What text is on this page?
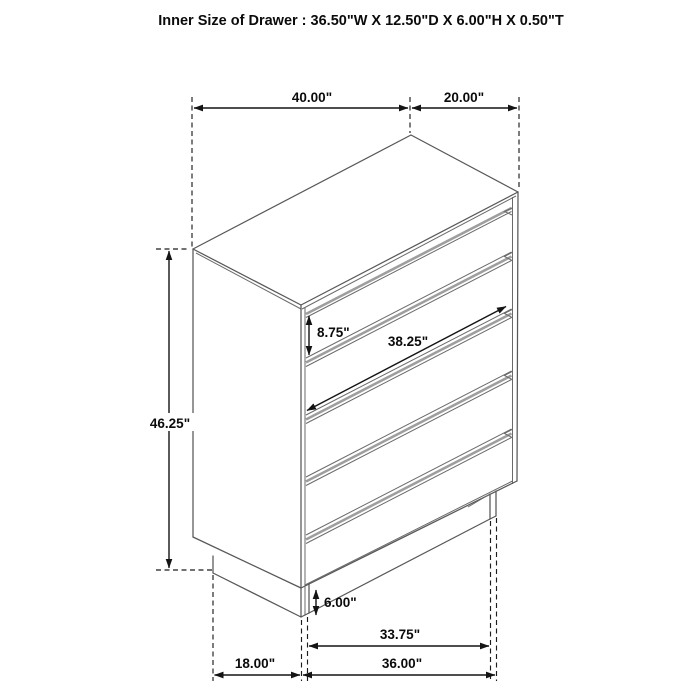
Inner Size of Drawer : 36.50"W X 12.50"D X 6.00"H X 0.50"T
40.00"	20.00"
46.25"
8.75"
38.25"
6.00"
33.75"
18.00"	36.00"
